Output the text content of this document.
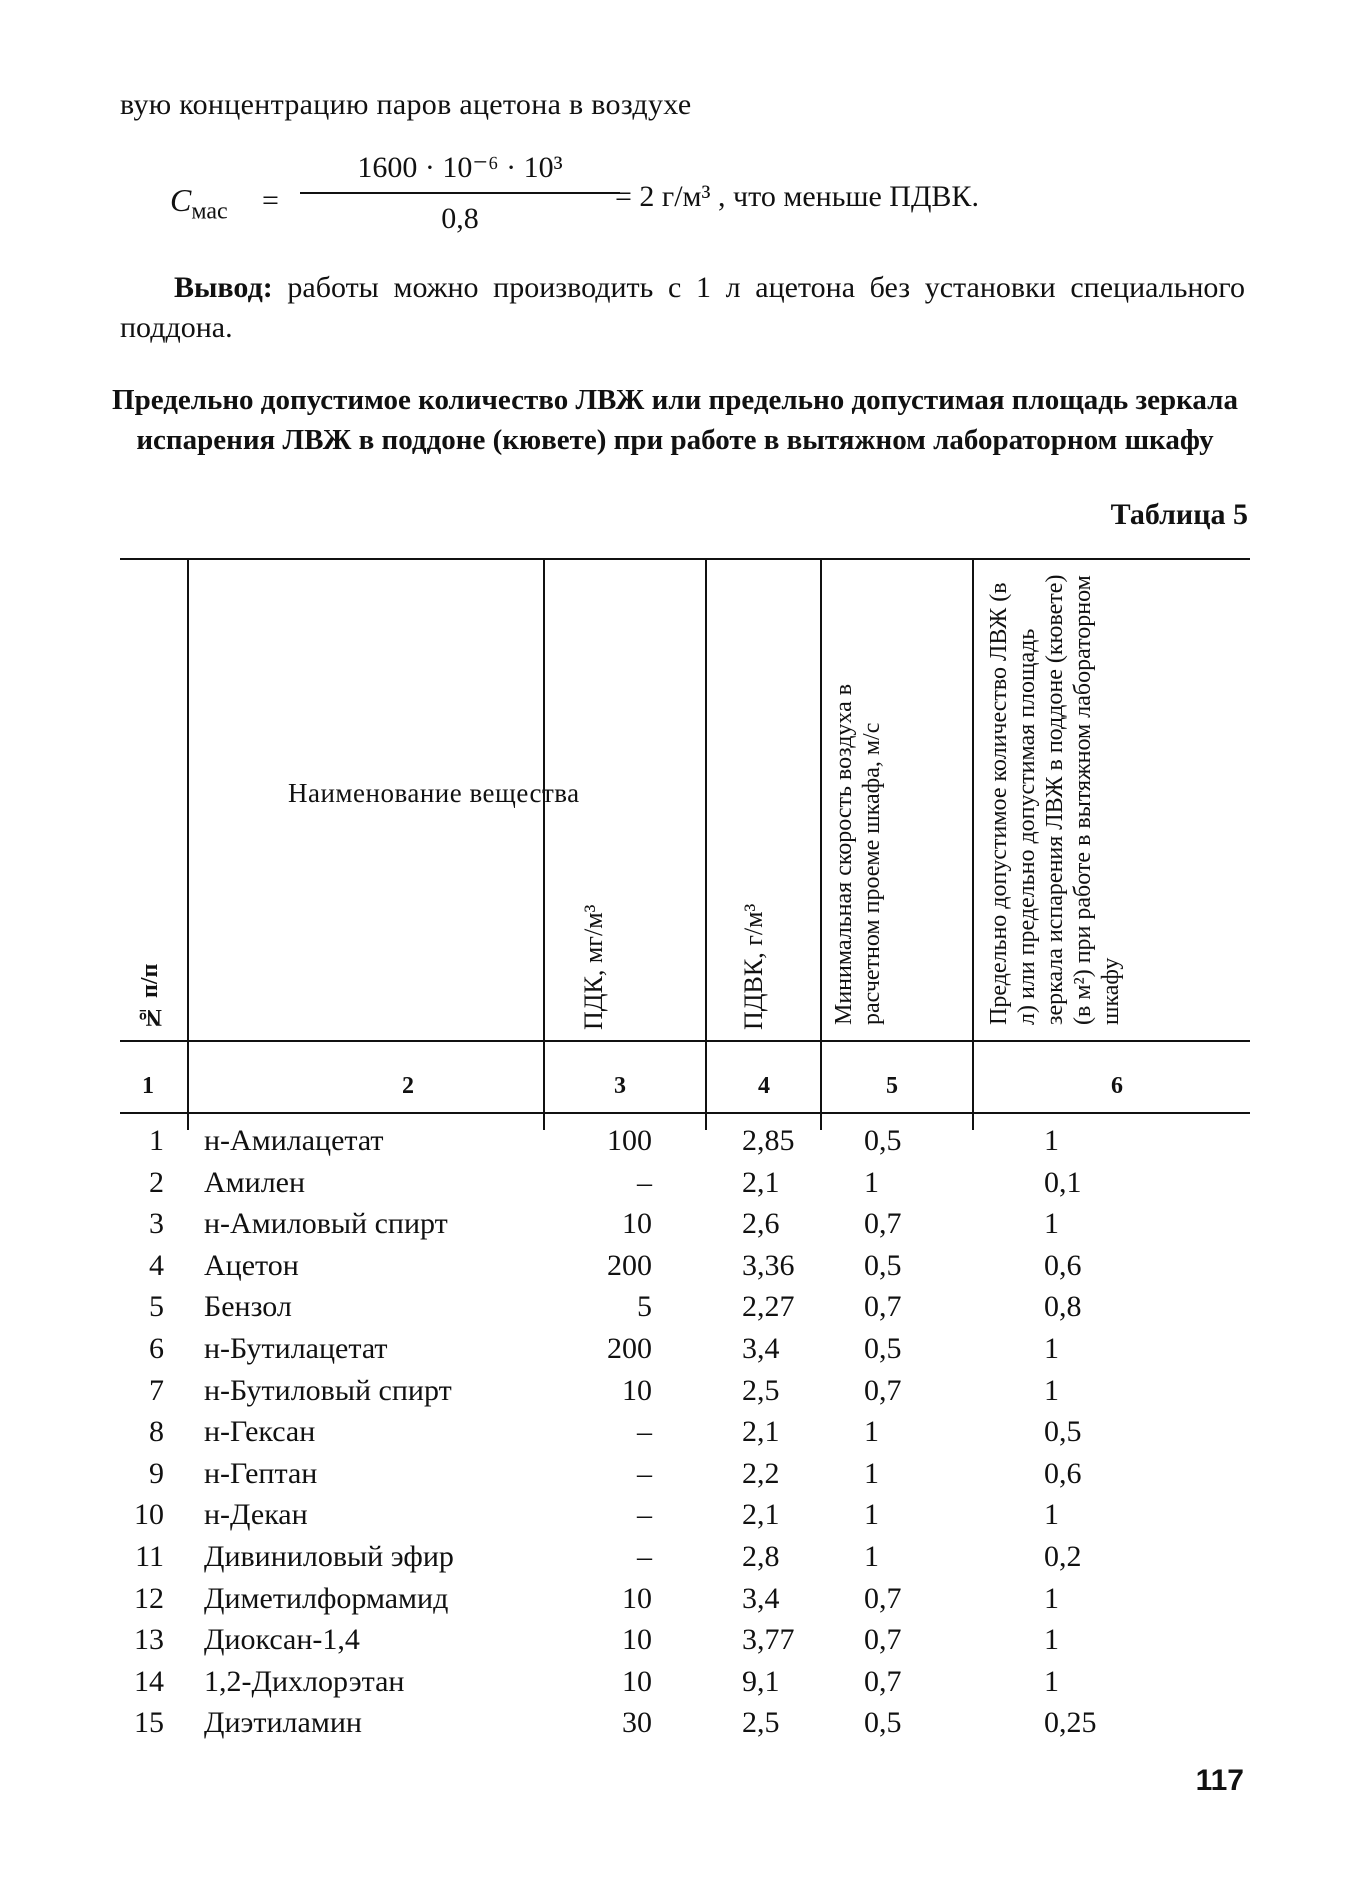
вую концентрацию паров ацетона в воздухе
$C_{мас}$ =
1600 · 10⁻⁶ · 10³
0,8
= 2 г/м³ , что меньше ПДВК.
Вывод: работы можно производить с 1 л ацетона без установки специального поддона.
Предельно допустимое количество ЛВЖ или предельно допустимая площадь зеркала испарения ЛВЖ в поддоне (кювете) при работе в вытяжном лабораторном шкафу
Таблица 5
№ п/п
Наименование вещества
ПДК, мг/м³	ПДВК, г/м³	Минимальная скорость воздуха в расчетном проеме шкафа, м/с	Предельно допустимое количество ЛВЖ (в л) или предельно допустимая площадь зеркала испарения ЛВЖ в поддоне (кювете) (в м²) при работе в вытяжном лабораторном шкафу
1	2	3	4	5	6
1 н-Амилацетат	100	2,85 0,5	1
2 Амилен	–	2,1	1	0,1
3 н-Амиловый спирт	10	2,6	0,7	1
4 Ацетон	200	3,36 0,5	0,6
5 Бензол	5	2,27 0,7	0,8
6 н-Бутилацетат	200	3,4	0,5	1
7 н-Бутиловый спирт	10	2,5	0,7	1
8 н-Гексан	–	2,1	1	0,5
9 н-Гептан	–	2,2	1	0,6
10 н-Декан	–	2,1	1	1
11 Дивиниловый эфир	–	2,8	1	0,2
12 Диметилформамид	10	3,4	0,7	1
13 Диоксан-1,4	10	3,77 0,7	1
14 1,2-Дихлорэтан	10	9,1	0,7	1
15 Диэтиламин	30	2,5	0,5	0,25
117
